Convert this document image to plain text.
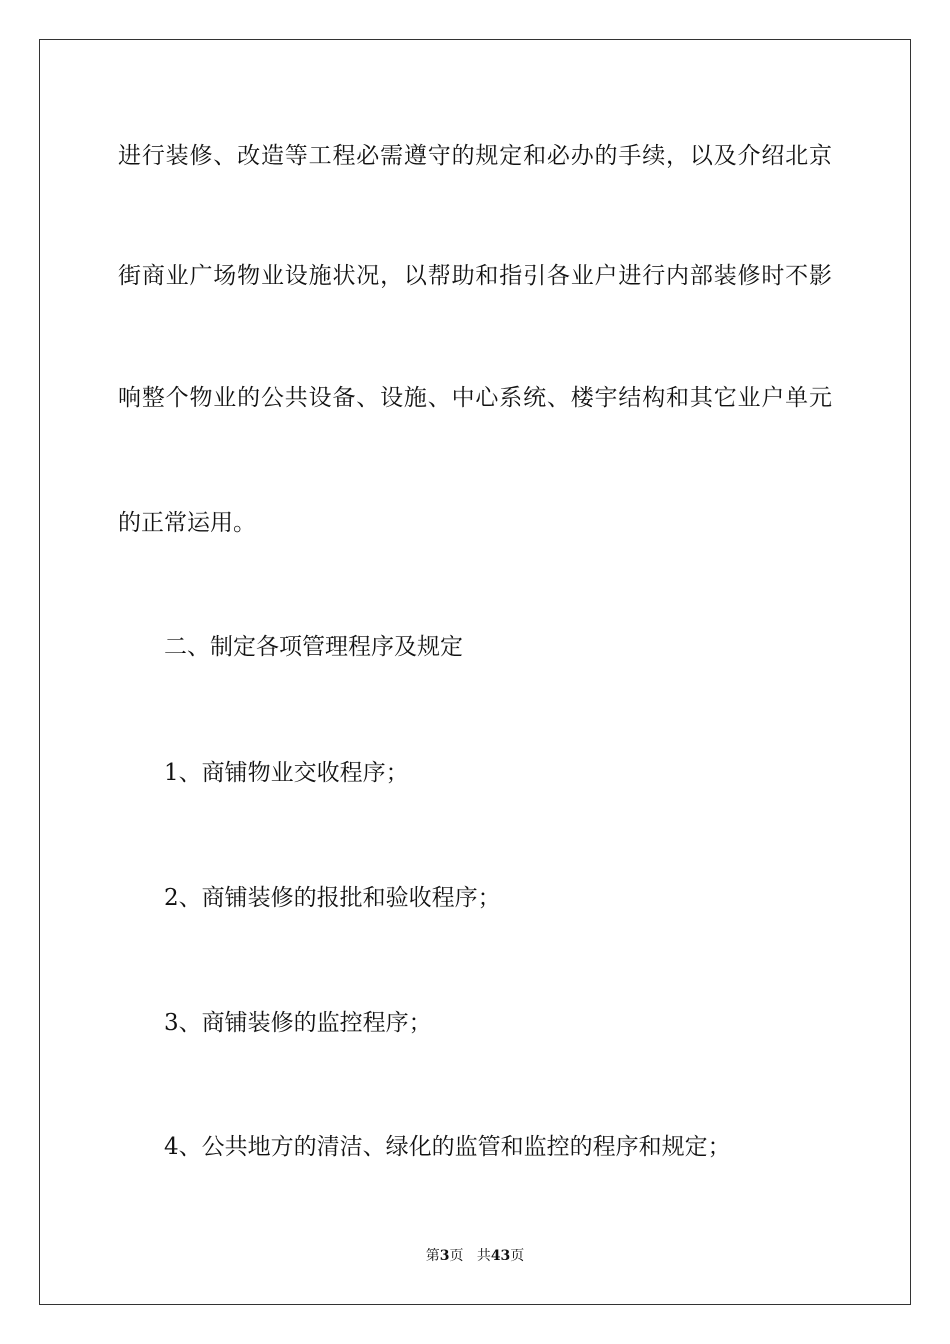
进行装修、改造等工程必需遵守的规定和必办的手续，以及介绍北京
街商业广场物业设施状况，以帮助和指引各业户进行内部装修时不影
响整个物业的公共设备、设施、中心系统、楼宇结构和其它业户单元
的正常运用。
二、制定各项管理程序及规定
1、商铺物业交收程序；
2、商铺装修的报批和验收程序；
3、商铺装修的监控程序；
4、公共地方的清洁、绿化的监管和监控的程序和规定；
第3页 共43页
